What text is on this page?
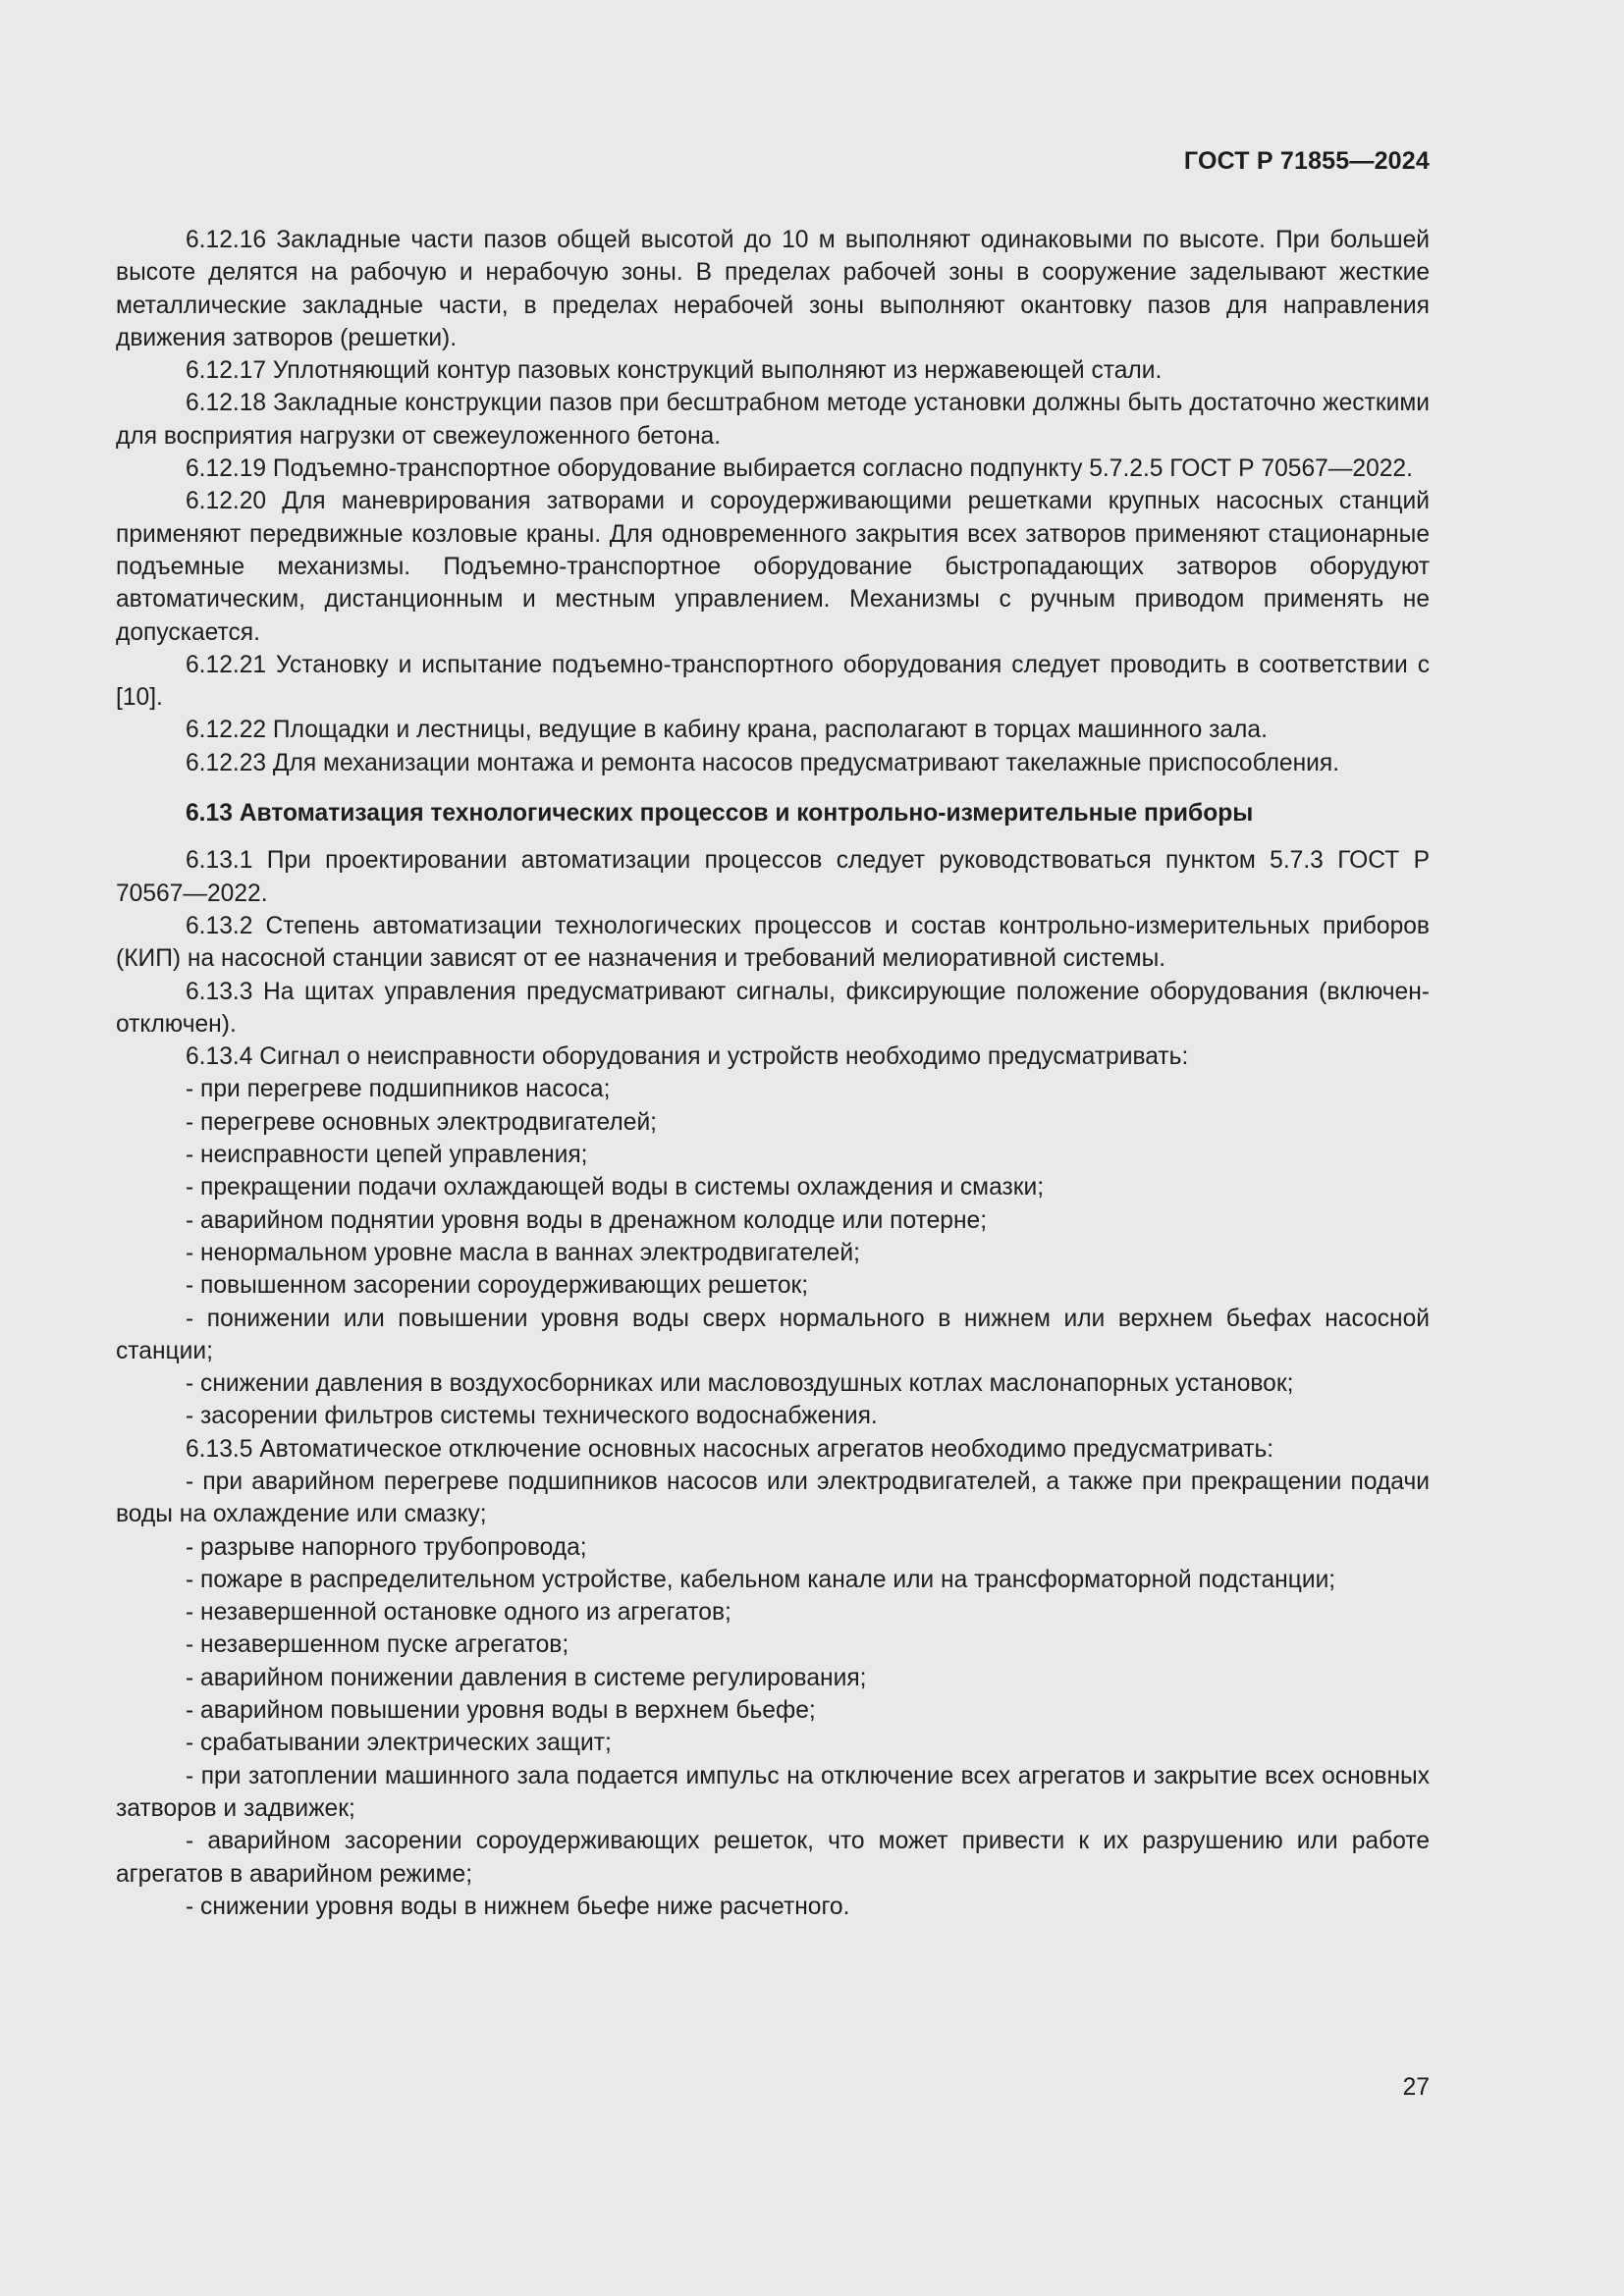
ГОСТ Р 71855—2024

6.12.16 Закладные части пазов общей высотой до 10 м выполняют одинаковыми по высоте. При большей высоте делятся на рабочую и нерабочую зоны. В пределах рабочей зоны в сооружение заделывают жесткие металлические закладные части, в пределах нерабочей зоны выполняют окантовку пазов для направления движения затворов (решетки).

6.12.17 Уплотняющий контур пазовых конструкций выполняют из нержавеющей стали.

6.12.18 Закладные конструкции пазов при бесштрабном методе установки должны быть достаточно жесткими для восприятия нагрузки от свежеуложенного бетона.

6.12.19 Подъемно-транспортное оборудование выбирается согласно подпункту 5.7.2.5 ГОСТ Р 70567—2022.

6.12.20 Для маневрирования затворами и сороудерживающими решетками крупных насосных станций применяют передвижные козловые краны. Для одновременного закрытия всех затворов применяют стационарные подъемные механизмы. Подъемно-транспортное оборудование быстропадающих затворов оборудуют автоматическим, дистанционным и местным управлением. Механизмы с ручным приводом применять не допускается.

6.12.21 Установку и испытание подъемно-транспортного оборудования следует проводить в соответствии с [10].

6.12.22 Площадки и лестницы, ведущие в кабину крана, располагают в торцах машинного зала.

6.12.23 Для механизации монтажа и ремонта насосов предусматривают такелажные приспособления.

6.13 Автоматизация технологических процессов и контрольно-измерительные приборы

6.13.1 При проектировании автоматизации процессов следует руководствоваться пунктом 5.7.3 ГОСТ Р 70567—2022.

6.13.2 Степень автоматизации технологических процессов и состав контрольно-измерительных приборов (КИП) на насосной станции зависят от ее назначения и требований мелиоративной системы.

6.13.3 На щитах управления предусматривают сигналы, фиксирующие положение оборудования (включен-отключен).

6.13.4 Сигнал о неисправности оборудования и устройств необходимо предусматривать:

- при перегреве подшипников насоса;

- перегреве основных электродвигателей;

- неисправности цепей управления;

- прекращении подачи охлаждающей воды в системы охлаждения и смазки;

- аварийном поднятии уровня воды в дренажном колодце или потерне;

- ненормальном уровне масла в ваннах электродвигателей;

- повышенном засорении сороудерживающих решеток;

- понижении или повышении уровня воды сверх нормального в нижнем или верхнем бьефах насосной станции;

- снижении давления в воздухосборниках или масловоздушных котлах маслонапорных установок;

- засорении фильтров системы технического водоснабжения.

6.13.5 Автоматическое отключение основных насосных агрегатов необходимо предусматривать:

- при аварийном перегреве подшипников насосов или электродвигателей, а также при прекращении подачи воды на охлаждение или смазку;

- разрыве напорного трубопровода;

- пожаре в распределительном устройстве, кабельном канале или на трансформаторной подстанции;

- незавершенной остановке одного из агрегатов;

- незавершенном пуске агрегатов;

- аварийном понижении давления в системе регулирования;

- аварийном повышении уровня воды в верхнем бьефе;

- срабатывании электрических защит;

- при затоплении машинного зала подается импульс на отключение всех агрегатов и закрытие всех основных затворов и задвижек;

- аварийном засорении сороудерживающих решеток, что может привести к их разрушению или работе агрегатов в аварийном режиме;

- снижении уровня воды в нижнем бьефе ниже расчетного.

27
